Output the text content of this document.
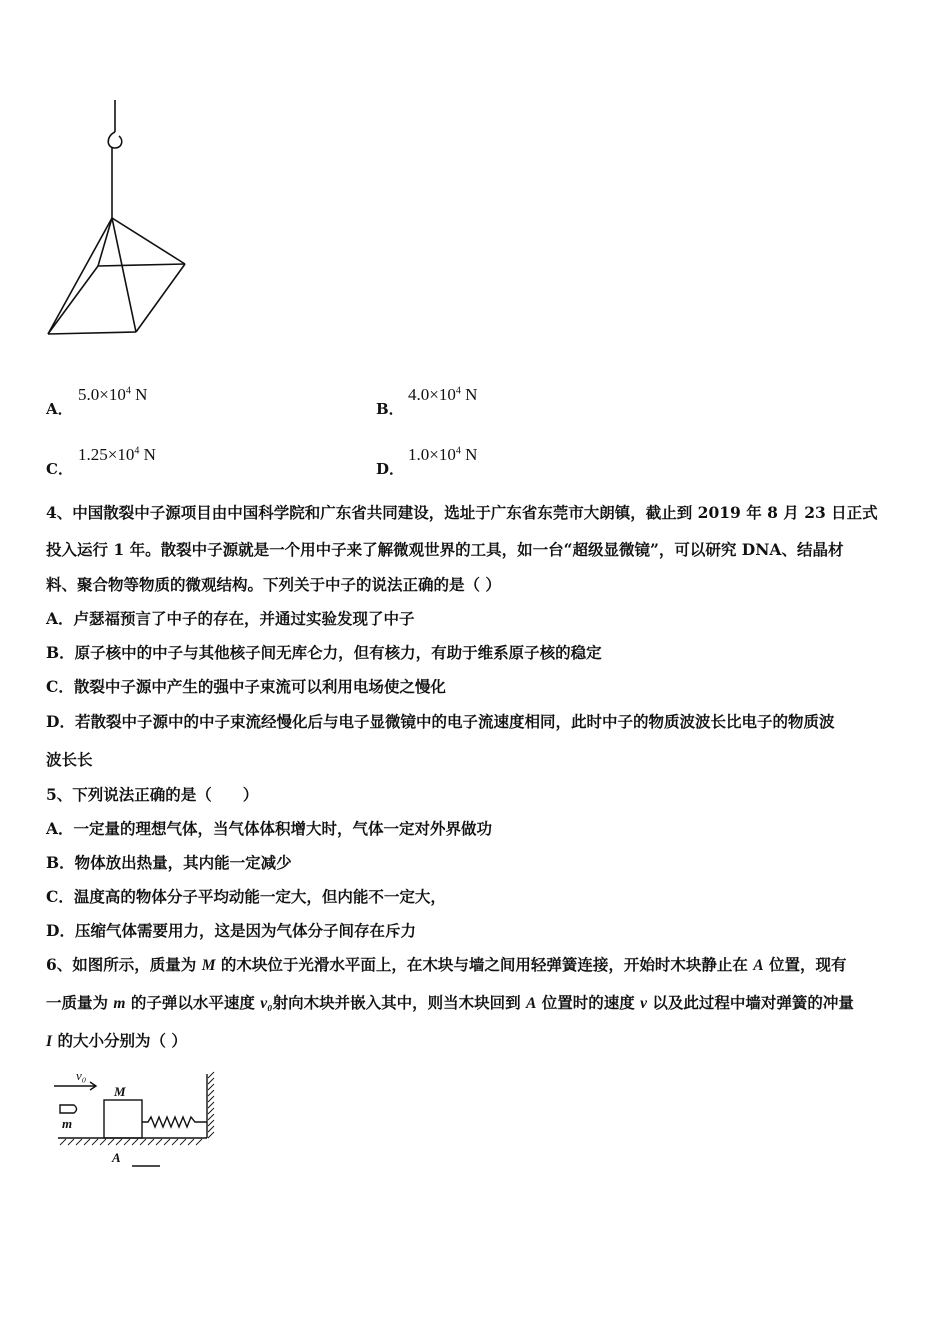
A．
$5.0\times 10^4$ N
B．
$4.0\times 10^4$ N
C．
$1.25\times 10^4$ N
D．
$1.0\times 10^4$ N
4、中国散裂中子源项目由中国科学院和广东省共同建设，选址于广东省东莞市大朗镇，截止到 2019 年 8 月 23 日正式
投入运行 1 年。散裂中子源就是一个用中子来了解微观世界的工具，如一台“超级显微镜”，可以研究 DNA、结晶材
料、聚合物等物质的微观结构。下列关于中子的说法正确的是（ ）
A．卢瑟福预言了中子的存在，并通过实验发现了中子
B．原子核中的中子与其他核子间无库仑力，但有核力，有助于维系原子核的稳定
C．散裂中子源中产生的强中子束流可以利用电场使之慢化
D．若散裂中子源中的中子束流经慢化后与电子显微镜中的电子流速度相同，此时中子的物质波波长比电子的物质波
波长长
5、下列说法正确的是（　　）
A．一定量的理想气体，当气体体积增大时，气体一定对外界做功
B．物体放出热量，其内能一定减少
C．温度高的物体分子平均动能一定大，但内能不一定大，
D．压缩气体需要用力，这是因为气体分子间存在斥力
6、如图所示，质量为 M 的木块位于光滑水平面上，在木块与墙之间用轻弹簧连接，开始时木块静止在 A 位置，现有
一质量为 m 的子弹以水平速度 v₀射向木块并嵌入其中，则当木块回到 A 位置时的速度 v 以及此过程中墙对弹簧的冲量
I 的大小分别为（ ）
v₀
M
m
A
